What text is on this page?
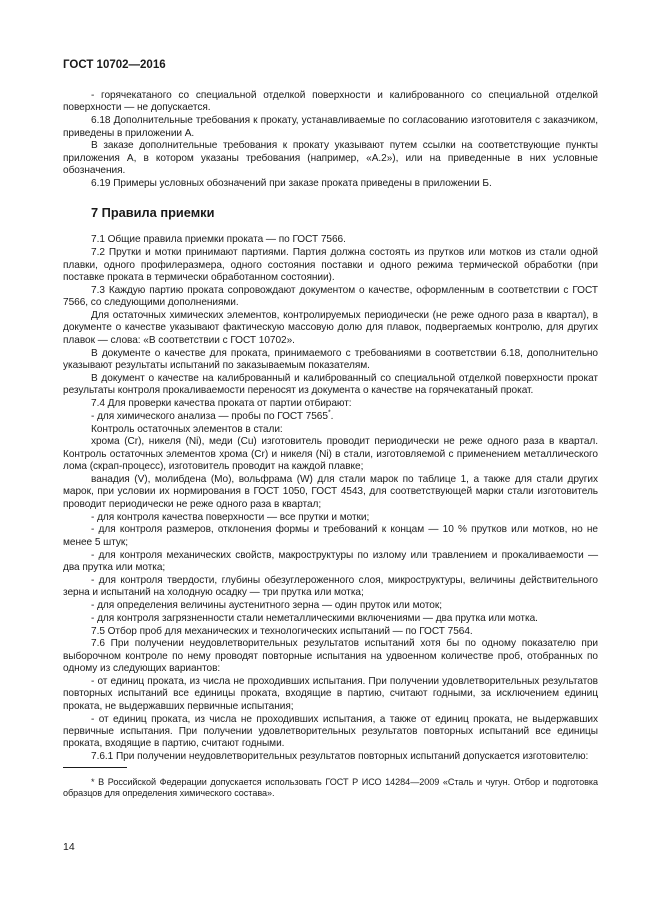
ГОСТ 10702—2016

- горячекатаного со специальной отделкой поверхности и калиброванного со специальной отделкой поверхности — не допускается.

6.18 Дополнительные требования к прокату, устанавливаемые по согласованию изготовителя с заказчиком, приведены в приложении А.

В заказе дополнительные требования к прокату указывают путем ссылки на соответствующие пункты приложения А, в котором указаны требования (например, «А.2»), или на приведенные в них условные обозначения.

6.19 Примеры условных обозначений при заказе проката приведены в приложении Б.

7 Правила приемки

7.1 Общие правила приемки проката — по ГОСТ 7566.

7.2 Прутки и мотки принимают партиями. Партия должна состоять из прутков или мотков из стали одной плавки, одного профилеразмера, одного состояния поставки и одного режима термической обработки (при поставке проката в термически обработанном состоянии).

7.3 Каждую партию проката сопровождают документом о качестве, оформленным в соответствии с ГОСТ 7566, со следующими дополнениями.

Для остаточных химических элементов, контролируемых периодически (не реже одного раза в квартал), в документе о качестве указывают фактическую массовую долю для плавок, подвергаемых контролю, для других плавок — слова: «В соответствии с ГОСТ 10702».

В документе о качестве для проката, принимаемого с требованиями в соответствии 6.18, дополнительно указывают результаты испытаний по заказываемым показателям.

В документ о качестве на калиброванный и калиброванный со специальной отделкой поверхности прокат результаты контроля прокаливаемости переносят из документа о качестве на горячекатаный прокат.

7.4 Для проверки качества проката от партии отбирают:

- для химического анализа — пробы по ГОСТ 7565*.

Контроль остаточных элементов в стали:

хрома (Cr), никеля (Ni), меди (Cu) изготовитель проводит периодически не реже одного раза в квартал. Контроль остаточных элементов хрома (Cr) и никеля (Ni) в стали, изготовляемой с применением металлического лома (скрап-процесс), изготовитель проводит на каждой плавке;

ванадия (V), молибдена (Mo), вольфрама (W) для стали марок по таблице 1, а также для стали других марок, при условии их нормирования в ГОСТ 1050, ГОСТ 4543, для соответствующей марки стали изготовитель проводит периодически не реже одного раза в квартал;

- для контроля качества поверхности — все прутки и мотки;

- для контроля размеров, отклонения формы и требований к концам — 10 % прутков или мотков, но не менее 5 штук;

- для контроля механических свойств, макроструктуры по излому или травлением и прокаливаемости — два прутка или мотка;

- для контроля твердости, глубины обезуглероженного слоя, микроструктуры, величины действительного зерна и испытаний на холодную осадку — три прутка или мотка;

- для определения величины аустенитного зерна — один пруток или моток;

- для контроля загрязненности стали неметаллическими включениями — два прутка или мотка.

7.5 Отбор проб для механических и технологических испытаний — по ГОСТ 7564.

7.6 При получении неудовлетворительных результатов испытаний хотя бы по одному показателю при выборочном контроле по нему проводят повторные испытания на удвоенном количестве проб, отобранных по одному из следующих вариантов:

- от единиц проката, из числа не проходивших испытания. При получении удовлетворительных результатов повторных испытаний все единицы проката, входящие в партию, считают годными, за исключением единиц проката, не выдержавших первичные испытания;

- от единиц проката, из числа не проходивших испытания, а также от единиц проката, не выдержавших первичные испытания. При получении удовлетворительных результатов повторных испытаний все единицы проката, входящие в партию, считают годными.

7.6.1 При получении неудовлетворительных результатов повторных испытаний допускается изготовителю:

* В Российской Федерации допускается использовать ГОСТ Р ИСО 14284—2009 «Сталь и чугун. Отбор и подготовка образцов для определения химического состава».

14
